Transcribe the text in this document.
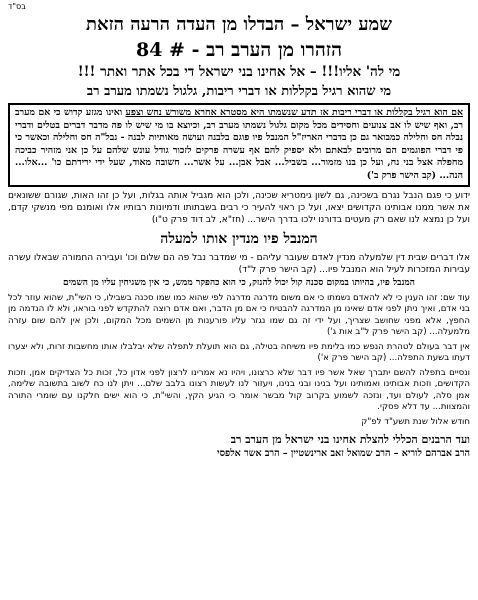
בס"ד
שמע ישראל – הבדלו מן העדה הרעה הזאת
הזהרו מן הערב רב - # 84
מי לה' אליו!!! – אל אחינו בני ישראל די בכל אתר ואתר !!!
מי שהוא רגיל בקללות או דברי ריבות, גלגול נשמתו מערב רב
אם הוא רגיל בקללות או דברי ריבות אז תדע שנשמתו היא מסטרא אחרא משורש נחש וצפע ואינו מגזע קדוש כי אם מערב רב, ואף שיש לו אב צנועים וחסידים מכל מקום גלגול נשמתו מערב רב, וכיוצא בו מי שיש לו פה מדבר דברים בטלים ודברי נבלה חס וחלילה כמבואר גם כן בדברי האריז"ל המנבל פיו פוגם בלבנה ועושה מאותיות לבנה - נבל"ה חס וחלילה וכאשר כי פי דברי הפוגמים הם מרובים לבאתם ולא יספיק להם אף עשרה פרקים לזכור גודל עונש שלהם על כן אני מזהיר כביכה מחפלה אצל בני נח, ועל כן בנו מזמור... בשביל... אבל אבן... על אשר... חשובה מאוד, שעל ידי ירידתם כו' ...אלו... הנה... (קב הישר פרק ב')
ידוע כי פגם הנבל נגרם בשכינה, גם לשון גימטריא שכינה, ולכן הוא מגביל אותה בגלות, ועל כן זהו האות, שגורם ששונאים את אשר ממנו אבותינו הקדושים יצאו, ועל כן ראוי להעיר כי רבים בשבתותו ודמיונות רבותיו אלו ואומנם מפי מנשקי קדם, ועל כן נמצא לנו שאם רק מעטים בדורנו ילכו בדרך הישר... (חז"א, לב דוד פרק ט"ו)
המנבל פיו מנדין אותו למעלה
אלו דברים שבית דין שלמעלה מנדין לאדם שעובר עליהם - מי שמדבר נבל פה הם שלום וכו' ועבירה החמורה שבאלו עשרה עבירות המזכרות לעיל הוא המנבל פיו... (קב הישר פרק ל"ד)
המנבל פיו, בהיותו במקום סכנה קול יכול להנזק, כי הוא כהפקר ממש, כי אין משגיחין עליו מן השמים
עוד שם: זהו הענין כי לא להאדם נשמתו כי אם משום מדרגה מדרגה לפי שהוא כמו שמו סכנה בשבילו, כי השי"ת, שהוא עוזר לכל בני אדם, ואיך ניתן לפני אדם שאינו מן המדרגה להבטיח כי אם מן הדבר, ואם אדם רוצה להתקדש לפני בוראו, ולא לו הנדמה מן החפץ, אלא מפני שחושב שצריך, ועל ידי זה גם שמו נגזר עליו פורענות מן השמים מכל המקום, ולכן אין להם שום עזרה מלמעלה... (קב הישר פרק ל"ב אות ג')
אין דבר בעולם לטהרת הנפש כמו בלימת פיו משיחה בטילה, גם הוא תועלת לתפלה שלא יבלבלו אותו מחשבות זרות, ולא יצערו דעתו בשעת התפלה... (קב הישר פרק א')
ונסיים בתפלה להשם יתברך שאל אשר פיו דבר שלא כרצונו, ויהיו נא אמרינו לרצון לפני אדון כל, זכות כל הצדיקים אמן, וזכות הקדושים, וזכות אבותינו ואמותינו ועל בנינו ובני בנינו, ויעזור לנו לעשות רצונו בלבב שלם... ויתן לנו כח לשוב בתשובה שלימה, אמן סלה, לעולם ועד, ונזכה לשמוע בקרוב קול מבשר אומר כי הגיע הקץ, והשי"ת, כי הוא ישים חלקנו עם שומרי התורה והמצוות... עד דלא פסקי.
חודש אלול שנת תשע"ד לפ"ק
ועד הרבנים הכללי להצלת אחינו בני ישראל מן הערב רב
הרב אברהם לוריא – הרב שמואל זאב ארינשטיין – הרב אשר אלפסי
